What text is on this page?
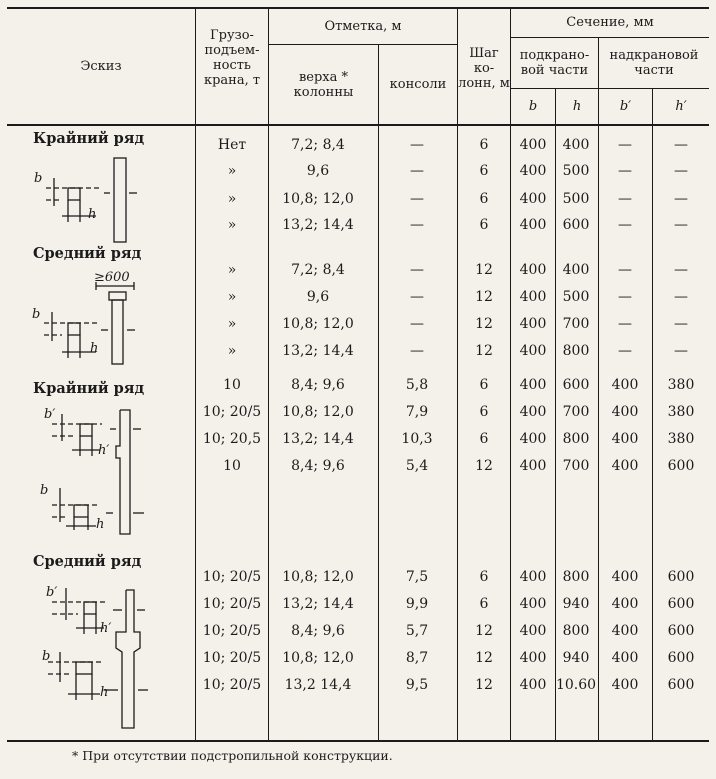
Эскиз
Грузо-
подъем-
ность
крана, т
Отметка, м
верха *
колонны	консоли
Шаг
ко-
лонн, м
Сечение, мм
подкрано-
вой части
надкрановой
части
b	h	b′	h′
Крайний ряд
Средний ряд
Крайний ряд
Средний ряд
b
h
≥600
b
h
b′
h′
b
h
b′
h′
b
h
Нет	7,2; 8,4	—	6	400	400	—	—
»	9,6	—	6	400	500	—	—
»	10,8; 12,0	—	6	400	500	—	—
»	13,2; 14,4	—	6	400	600	—	—
»	7,2; 8,4	—	12	400	400	—	—
»	9,6	—	12	400	500	—	—
»	10,8; 12,0	—	12	400	700	—	—
»	13,2; 14,4	—	12	400	800	—	—
10	8,4; 9,6	5,8	6	400	600	400	380
10; 20/5	10,8; 12,0	7,9	6	400	700	400	380
10; 20,5	13,2; 14,4	10,3	6	400	800	400	380
10	8,4; 9,6	5,4	12	400	700	400	600
10; 20/5	10,8; 12,0	7,5	6	400	800	400	600
10; 20/5	13,2; 14,4	9,9	6	400	940	400	600
10; 20/5	8,4; 9,6	5,7	12	400	800	400	600
10; 20/5	10,8; 12,0	8,7	12	400	940	400	600
10; 20/5	13,2 14,4	9,5	12	400 10.60	400	600
* При отсутствии подстропильной конструкции.
